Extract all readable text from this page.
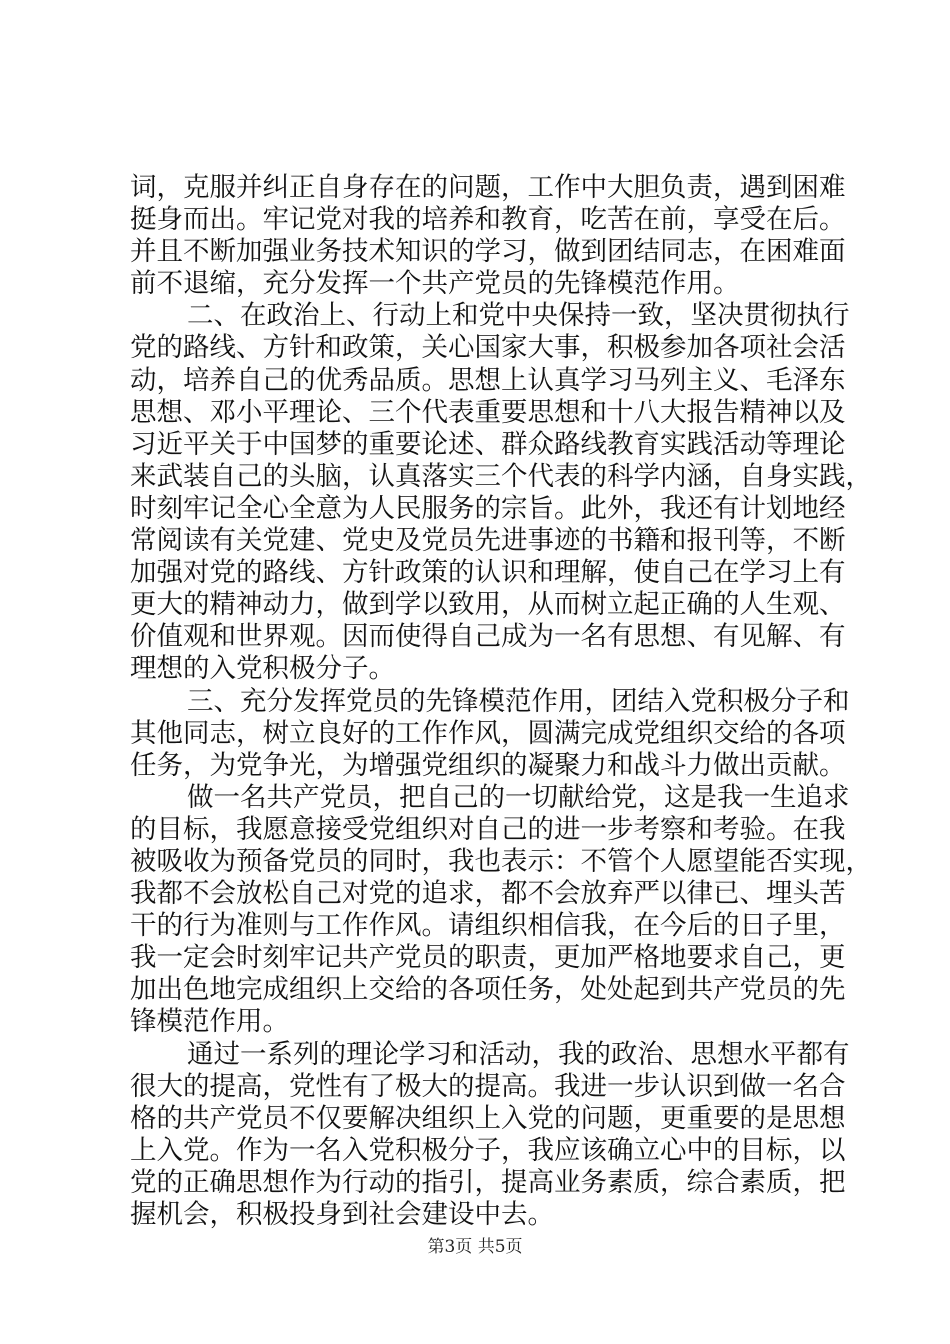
词，克服并纠正自身存在的问题，工作中大胆负责，遇到困难
挺身而出。牢记党对我的培养和教育，吃苦在前，享受在后。
并且不断加强业务技术知识的学习，做到团结同志，在困难面
前不退缩，充分发挥一个共产党员的先锋模范作用。
二、在政治上、行动上和党中央保持一致，坚决贯彻执行
党的路线、方针和政策，关心国家大事，积极参加各项社会活
动，培养自己的优秀品质。思想上认真学习马列主义、毛泽东
思想、邓小平理论、三个代表重要思想和十八大报告精神以及
习近平关于中国梦的重要论述、群众路线教育实践活动等理论
来武装自己的头脑，认真落实三个代表的科学内涵，自身实践，
时刻牢记全心全意为人民服务的宗旨。此外，我还有计划地经
常阅读有关党建、党史及党员先进事迹的书籍和报刊等，不断
加强对党的路线、方针政策的认识和理解，使自己在学习上有
更大的精神动力，做到学以致用，从而树立起正确的人生观、
价值观和世界观。因而使得自己成为一名有思想、有见解、有
理想的入党积极分子。
三、充分发挥党员的先锋模范作用，团结入党积极分子和
其他同志，树立良好的工作作风，圆满完成党组织交给的各项
任务，为党争光，为增强党组织的凝聚力和战斗力做出贡献。
做一名共产党员，把自己的一切献给党，这是我一生追求
的目标，我愿意接受党组织对自己的进一步考察和考验。在我
被吸收为预备党员的同时，我也表示：不管个人愿望能否实现，
我都不会放松自己对党的追求，都不会放弃严以律已、埋头苦
干的行为准则与工作作风。请组织相信我，在今后的日子里，
我一定会时刻牢记共产党员的职责，更加严格地要求自己，更
加出色地完成组织上交给的各项任务，处处起到共产党员的先
锋模范作用。
通过一系列的理论学习和活动，我的政治、思想水平都有
很大的提高，党性有了极大的提高。我进一步认识到做一名合
格的共产党员不仅要解决组织上入党的问题，更重要的是思想
上入党。作为一名入党积极分子，我应该确立心中的目标，以
党的正确思想作为行动的指引，提高业务素质，综合素质，把
握机会，积极投身到社会建设中去。
第3页 共5页
